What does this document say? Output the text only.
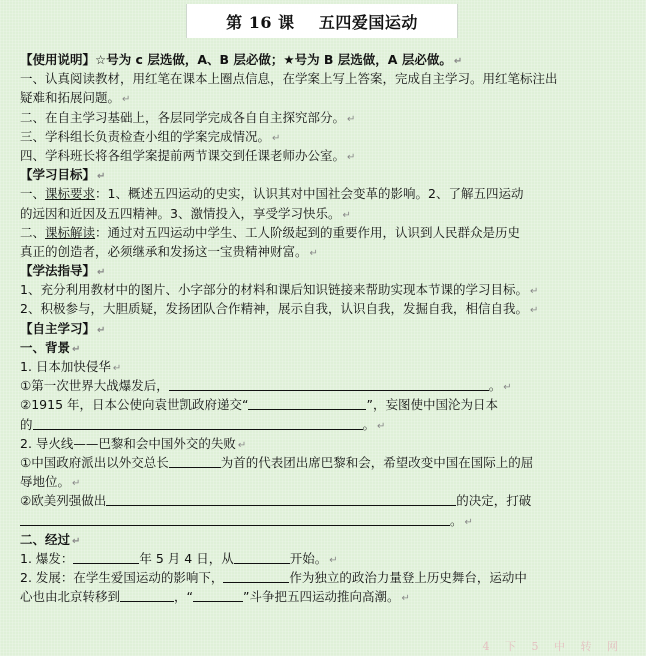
第 16 课    五四爱国运动
【使用说明】☆号为 c 层选做，A、B 层必做；★号为 B 层选做，A 层必做。 ↵
一、认真阅读教材，用红笔在课本上圈点信息，在学案上写上答案，完成自主学习。用红笔标注出
疑难和拓展问题。 ↵
二、在自主学习基础上，各层同学完成各自自主探究部分。 ↵
三、学科组长负责检查小组的学案完成情况。 ↵
四、学科班长将各组学案提前两节课交到任课老师办公室。 ↵
【学习目标】 ↵
一、课标要求：1、概述五四运动的史实，认识其对中国社会变革的影响。2、了解五四运动
的远因和近因及五四精神。3、激情投入，享受学习快乐。 ↵
二、课标解读：通过对五四运动中学生、工人阶级起到的重要作用，认识到人民群众是历史
真正的创造者，必须继承和发扬这一宝贵精神财富。 ↵
【学法指导】 ↵
1、充分利用教材中的图片、小字部分的材料和课后知识链接来帮助实现本节课的学习目标。 ↵
2、积极参与，大胆质疑，发扬团队合作精神，展示自我，认识自我，发掘自我，相信自我。 ↵
【自主学习】 ↵
一、背景 ↵
1. 日本加快侵华 ↵
①第一次世界大战爆发后，	。 ↵
②1915 年，日本公使向袁世凯政府递交“	”，妄图使中国沦为日本
的	。 ↵
2. 导火线——巴黎和会中国外交的失败 ↵
①中国政府派出以外交总长	为首的代表团出席巴黎和会，希望改变中国在国际上的屈
辱地位。 ↵
②欧美列强做出	的决定，打破
。 ↵
二、经过 ↵
1. 爆发：	年 5 月 4 日，从	开始。 ↵
2. 发展：在学生爱国运动的影响下，	作为独立的政治力量登上历史舞台，运动中
心也由北京转移到	，“	”斗争把五四运动推向高潮。 ↵
4 下 5 中 转 网
